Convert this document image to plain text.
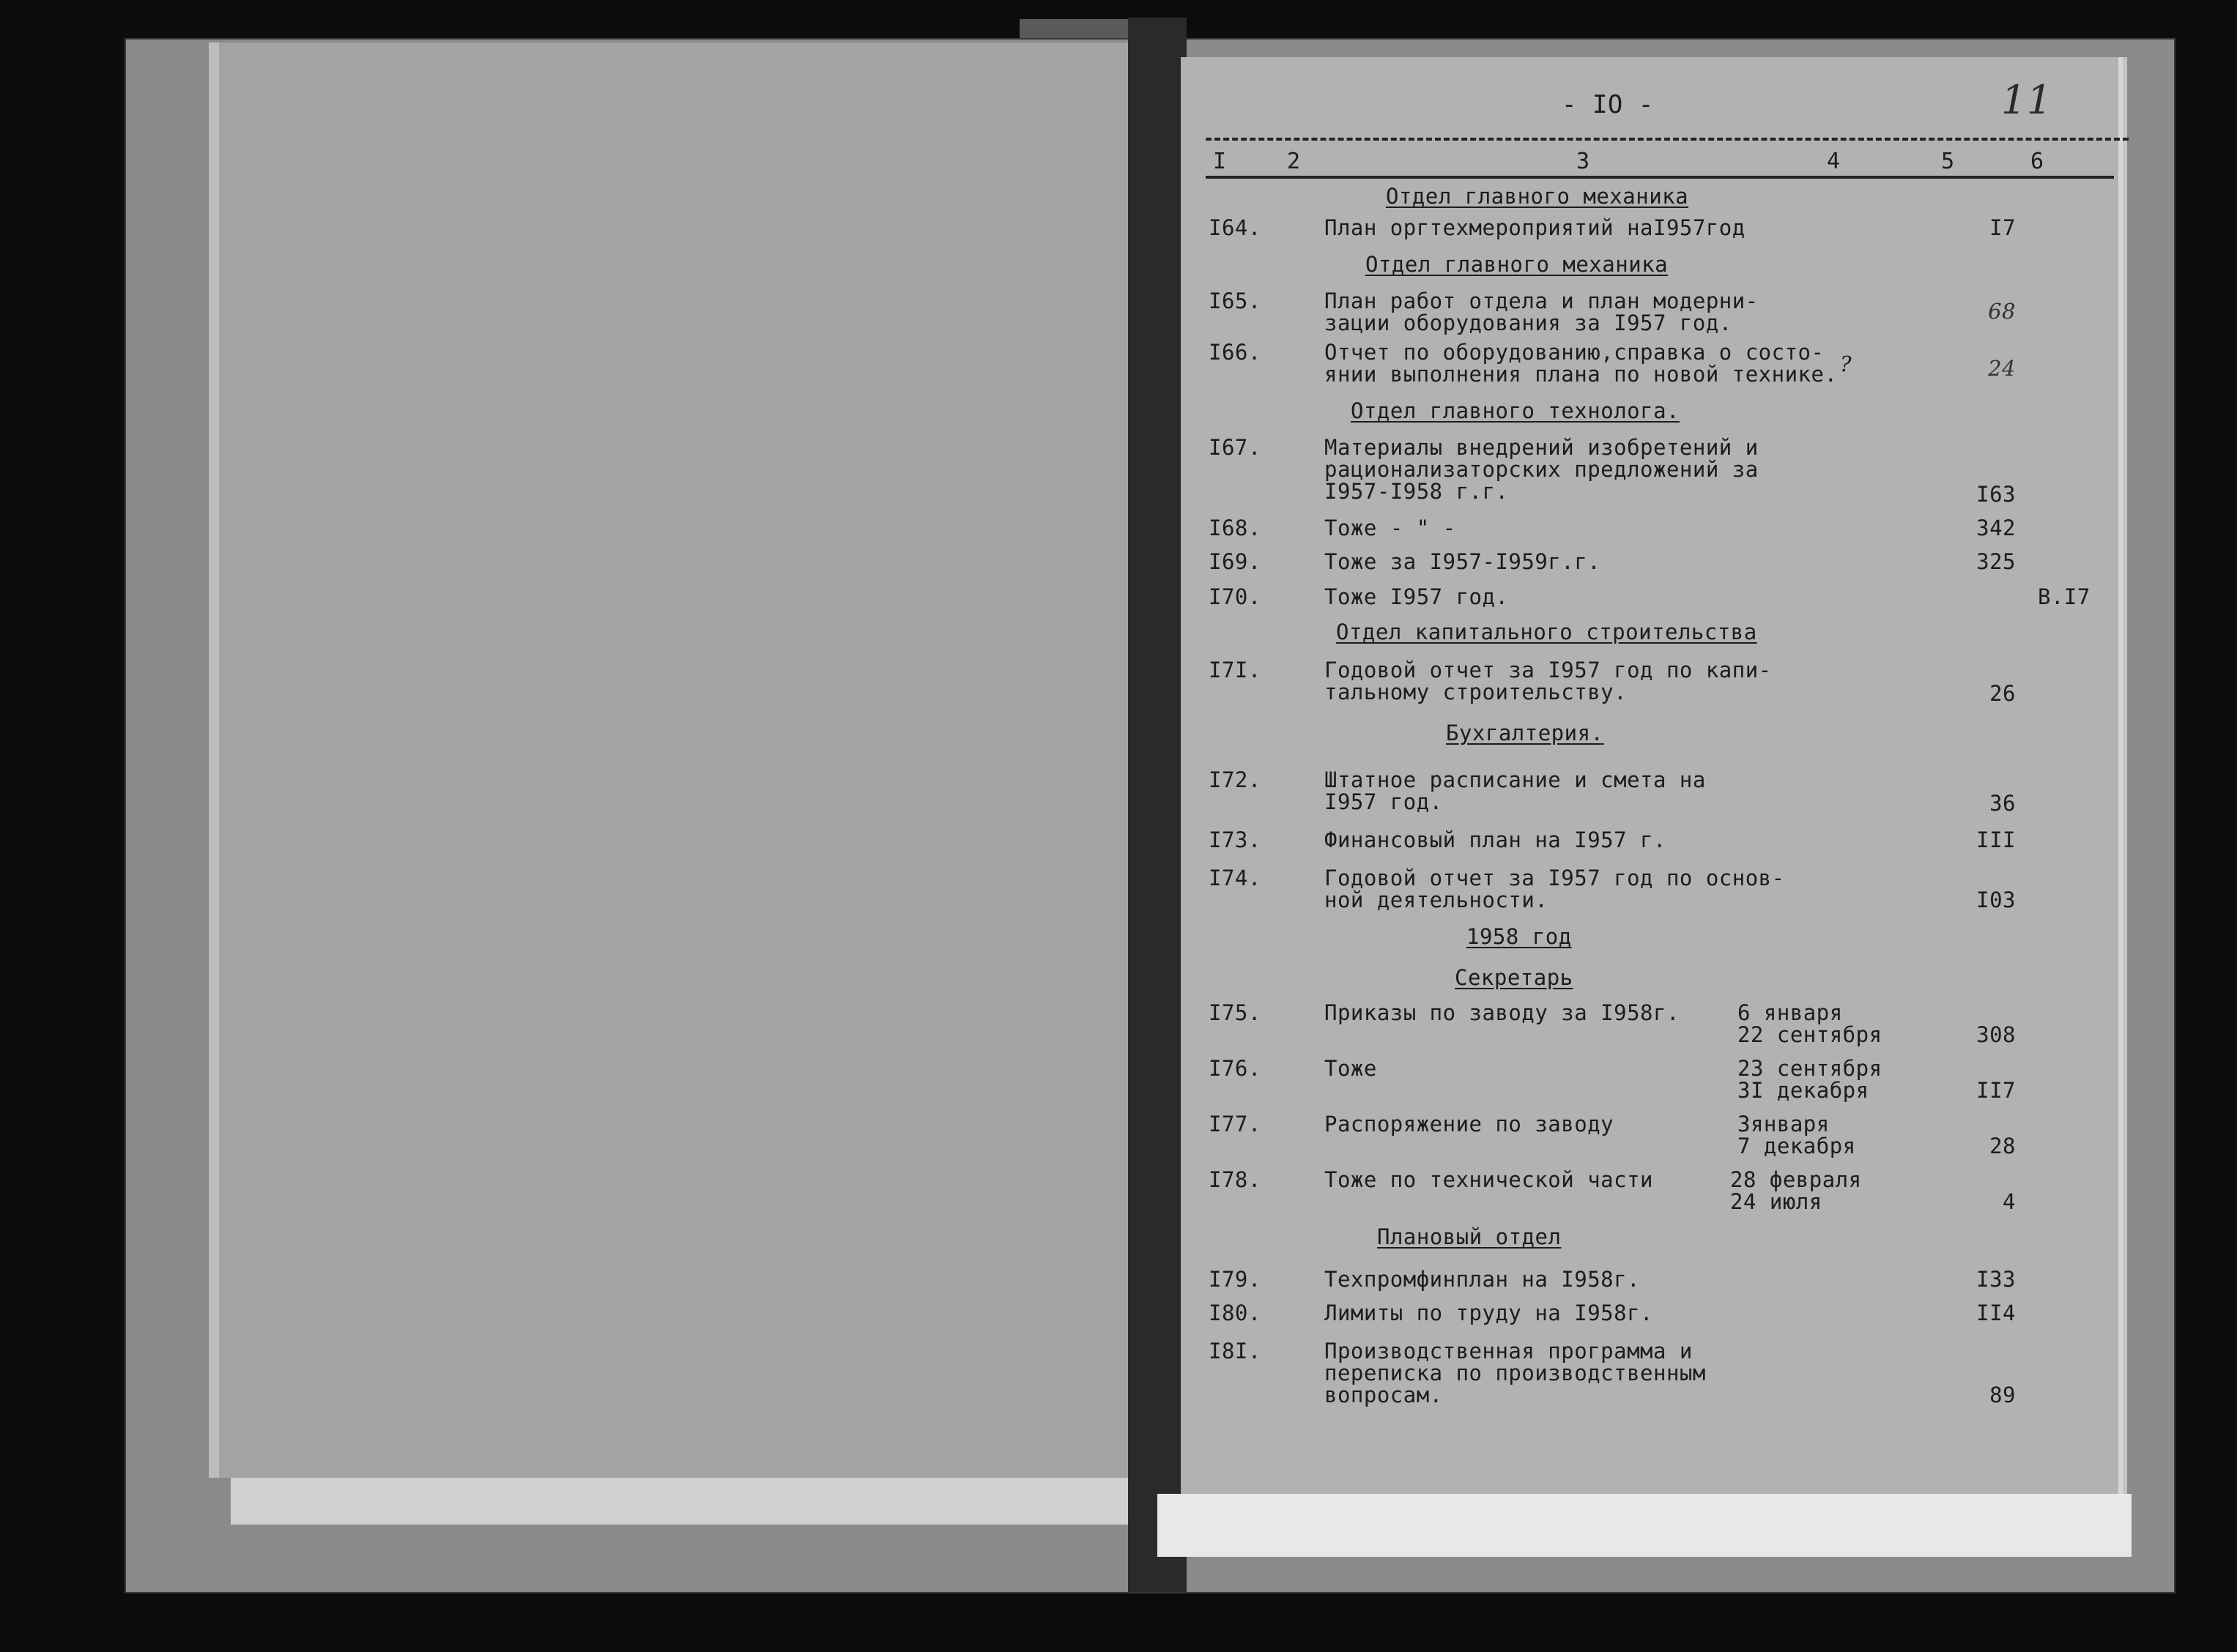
- IO -	11
I	2	3	4	5	6
Отдел главного механика
I64.	План оргтехмероприятий наI957год	I7
Отдел главного механика
I65.	План работ отдела и план модерни-
зации оборудования за I957 год.	68
I66.	Отчет по оборудованию,справка о состо-
янии выполнения плана по новой технике. ?	24
Отдел главного технолога.
I67.	Материалы внедрений изобретений и
рационализаторских предложений за
I957-I958 г.г.	I63
I68.	Тоже - " -	342
I69.	Тоже за I957-I959г.г.	325
I70.	Тоже I957 год.	В.I7
Отдел капитального строительства
I7I.	Годовой отчет за I957 год по капи-
тальному строительству.	26
Бухгалтерия.
I72.	Штатное расписание и смета на
I957 год.	36
I73.	Финансовый план на I957 г.	III
I74.	Годовой отчет за I957 год по основ-
ной деятельности.	I03
1958 год
Секретарь
I75.	Приказы по заводу за I958г.	6 января
22 сентября	308
I76.	Тоже	23 сентября
3I декабря	II7
I77.	Распоряжение по заводу	3января
7 декабря	28
I78.	Тоже по технической части	28 февраля
24 июля	4
Плановый отдел
I79.	Техпромфинплан на I958г.	I33
I80.	Лимиты по труду на I958г.	II4
I8I.	Производственная программа и
переписка по производственным
вопросам.	89
